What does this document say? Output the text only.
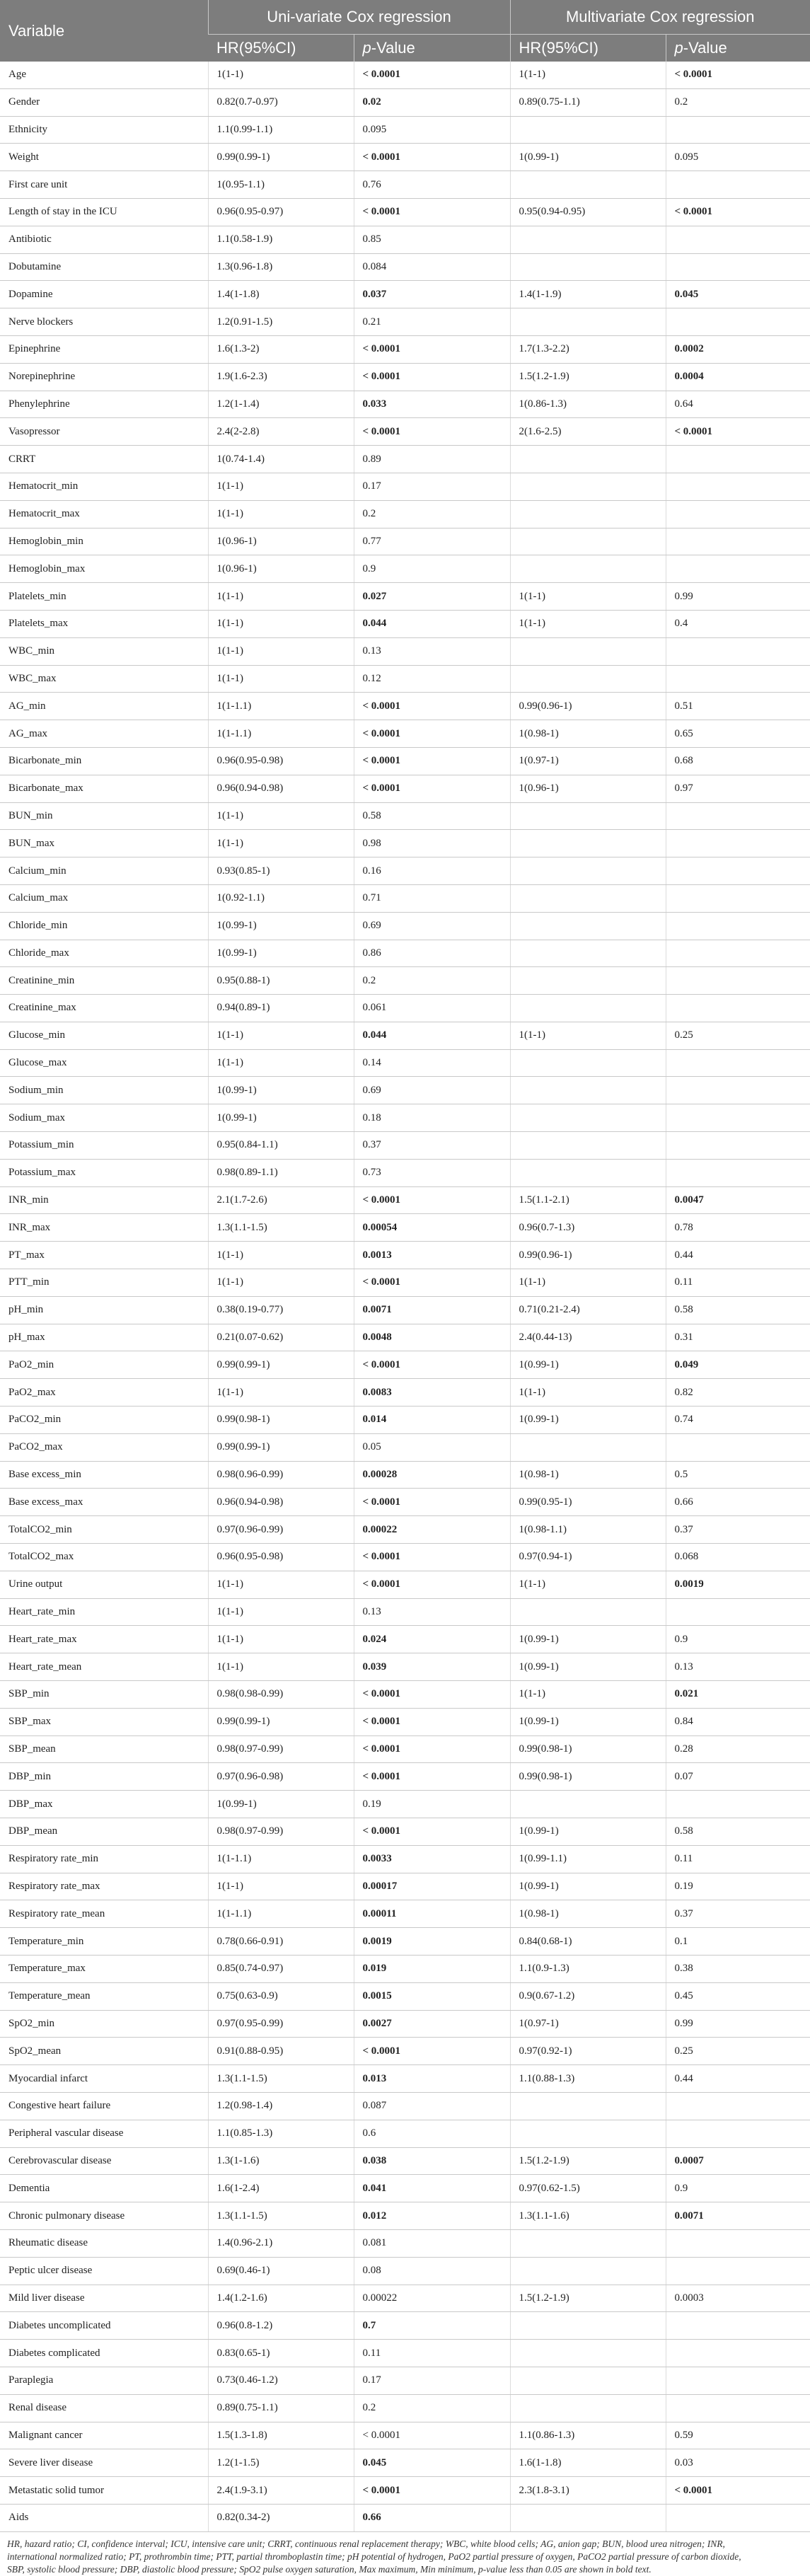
Variable	Uni-variate Cox regression		Multivariate Cox regression	
	HR(95%CI)	p-Value	HR(95%CI)	p-Value
Age	1(1-1)	< 0.0001	1(1-1)	< 0.0001
Gender	0.82(0.7-0.97)	0.02	0.89(0.75-1.1)	0.2
Ethnicity	1.1(0.99-1.1)	0.095		
Weight	0.99(0.99-1)	< 0.0001	1(0.99-1)	0.095
First care unit	1(0.95-1.1)	0.76		
Length of stay in the ICU	0.96(0.95-0.97)	< 0.0001	0.95(0.94-0.95)	< 0.0001
Antibiotic	1.1(0.58-1.9)	0.85		
Dobutamine	1.3(0.96-1.8)	0.084		
Dopamine	1.4(1-1.8)	0.037	1.4(1-1.9)	0.045
Nerve blockers	1.2(0.91-1.5)	0.21		
Epinephrine	1.6(1.3-2)	< 0.0001	1.7(1.3-2.2)	0.0002
Norepinephrine	1.9(1.6-2.3)	< 0.0001	1.5(1.2-1.9)	0.0004
Phenylephrine	1.2(1-1.4)	0.033	1(0.86-1.3)	0.64
Vasopressor	2.4(2-2.8)	< 0.0001	2(1.6-2.5)	< 0.0001
CRRT	1(0.74-1.4)	0.89		
Hematocrit_min	1(1-1)	0.17		
Hematocrit_max	1(1-1)	0.2		
Hemoglobin_min	1(0.96-1)	0.77		
Hemoglobin_max	1(0.96-1)	0.9		
Platelets_min	1(1-1)	0.027	1(1-1)	0.99
Platelets_max	1(1-1)	0.044	1(1-1)	0.4
WBC_min	1(1-1)	0.13		
WBC_max	1(1-1)	0.12		
AG_min	1(1-1.1)	< 0.0001	0.99(0.96-1)	0.51
AG_max	1(1-1.1)	< 0.0001	1(0.98-1)	0.65
Bicarbonate_min	0.96(0.95-0.98)	< 0.0001	1(0.97-1)	0.68
Bicarbonate_max	0.96(0.94-0.98)	< 0.0001	1(0.96-1)	0.97
BUN_min	1(1-1)	0.58		
BUN_max	1(1-1)	0.98		
Calcium_min	0.93(0.85-1)	0.16		
Calcium_max	1(0.92-1.1)	0.71		
Chloride_min	1(0.99-1)	0.69		
Chloride_max	1(0.99-1)	0.86		
Creatinine_min	0.95(0.88-1)	0.2		
Creatinine_max	0.94(0.89-1)	0.061		
Glucose_min	1(1-1)	0.044	1(1-1)	0.25
Glucose_max	1(1-1)	0.14		
Sodium_min	1(0.99-1)	0.69		
Sodium_max	1(0.99-1)	0.18		
Potassium_min	0.95(0.84-1.1)	0.37		
Potassium_max	0.98(0.89-1.1)	0.73		
INR_min	2.1(1.7-2.6)	< 0.0001	1.5(1.1-2.1)	0.0047
INR_max	1.3(1.1-1.5)	0.00054	0.96(0.7-1.3)	0.78
PT_max	1(1-1)	0.0013	0.99(0.96-1)	0.44
PTT_min	1(1-1)	< 0.0001	1(1-1)	0.11
pH_min	0.38(0.19-0.77)	0.0071	0.71(0.21-2.4)	0.58
pH_max	0.21(0.07-0.62)	0.0048	2.4(0.44-13)	0.31
PaO2_min	0.99(0.99-1)	< 0.0001	1(0.99-1)	0.049
PaO2_max	1(1-1)	0.0083	1(1-1)	0.82
PaCO2_min	0.99(0.98-1)	0.014	1(0.99-1)	0.74
PaCO2_max	0.99(0.99-1)	0.05		
Base excess_min	0.98(0.96-0.99)	0.00028	1(0.98-1)	0.5
Base excess_max	0.96(0.94-0.98)	< 0.0001	0.99(0.95-1)	0.66
TotalCO2_min	0.97(0.96-0.99)	0.00022	1(0.98-1.1)	0.37
TotalCO2_max	0.96(0.95-0.98)	< 0.0001	0.97(0.94-1)	0.068
Urine output	1(1-1)	< 0.0001	1(1-1)	0.0019
Heart_rate_min	1(1-1)	0.13		
Heart_rate_max	1(1-1)	0.024	1(0.99-1)	0.9
Heart_rate_mean	1(1-1)	0.039	1(0.99-1)	0.13
SBP_min	0.98(0.98-0.99)	< 0.0001	1(1-1)	0.021
SBP_max	0.99(0.99-1)	< 0.0001	1(0.99-1)	0.84
SBP_mean	0.98(0.97-0.99)	< 0.0001	0.99(0.98-1)	0.28
DBP_min	0.97(0.96-0.98)	< 0.0001	0.99(0.98-1)	0.07
DBP_max	1(0.99-1)	0.19		
DBP_mean	0.98(0.97-0.99)	< 0.0001	1(0.99-1)	0.58
Respiratory rate_min	1(1-1.1)	0.0033	1(0.99-1.1)	0.11
Respiratory rate_max	1(1-1)	0.00017	1(0.99-1)	0.19
Respiratory rate_mean	1(1-1.1)	0.00011	1(0.98-1)	0.37
Temperature_min	0.78(0.66-0.91)	0.0019	0.84(0.68-1)	0.1
Temperature_max	0.85(0.74-0.97)	0.019	1.1(0.9-1.3)	0.38
Temperature_mean	0.75(0.63-0.9)	0.0015	0.9(0.67-1.2)	0.45
SpO2_min	0.97(0.95-0.99)	0.0027	1(0.97-1)	0.99
SpO2_mean	0.91(0.88-0.95)	< 0.0001	0.97(0.92-1)	0.25
Myocardial infarct	1.3(1.1-1.5)	0.013	1.1(0.88-1.3)	0.44
Congestive heart failure	1.2(0.98-1.4)	0.087		
Peripheral vascular disease	1.1(0.85-1.3)	0.6		
Cerebrovascular disease	1.3(1-1.6)	0.038	1.5(1.2-1.9)	0.0007
Dementia	1.6(1-2.4)	0.041	0.97(0.62-1.5)	0.9
Chronic pulmonary disease	1.3(1.1-1.5)	0.012	1.3(1.1-1.6)	0.0071
Rheumatic disease	1.4(0.96-2.1)	0.081		
Peptic ulcer disease	0.69(0.46-1)	0.08		
Mild liver disease	1.4(1.2-1.6)	0.00022	1.5(1.2-1.9)	0.0003
Diabetes uncomplicated	0.96(0.8-1.2)	0.7		
Diabetes complicated	0.83(0.65-1)	0.11		
Paraplegia	0.73(0.46-1.2)	0.17		
Renal disease	0.89(0.75-1.1)	0.2		
Malignant cancer	1.5(1.3-1.8)	< 0.0001	1.1(0.86-1.3)	0.59
Severe liver disease	1.2(1-1.5)	0.045	1.6(1-1.8)	0.03
Metastatic solid tumor	2.4(1.9-3.1)	< 0.0001	2.3(1.8-3.1)	< 0.0001
Aids	0.82(0.34-2)	0.66		
HR, hazard ratio; CI, confidence interval; ICU, intensive care unit; CRRT, continuous renal replacement therapy; WBC, white blood cells; AG, anion gap; BUN, blood urea nitrogen; INR,
international normalized ratio; PT, prothrombin time; PTT, partial thromboplastin time; pH potential of hydrogen, PaO2 partial pressure of oxygen, PaCO2 partial pressure of carbon dioxide,
SBP, systolic blood pressure; DBP, diastolic blood pressure; SpO2 pulse oxygen saturation, Max maximum, Min minimum, p-value less than 0.05 are shown in bold text.
